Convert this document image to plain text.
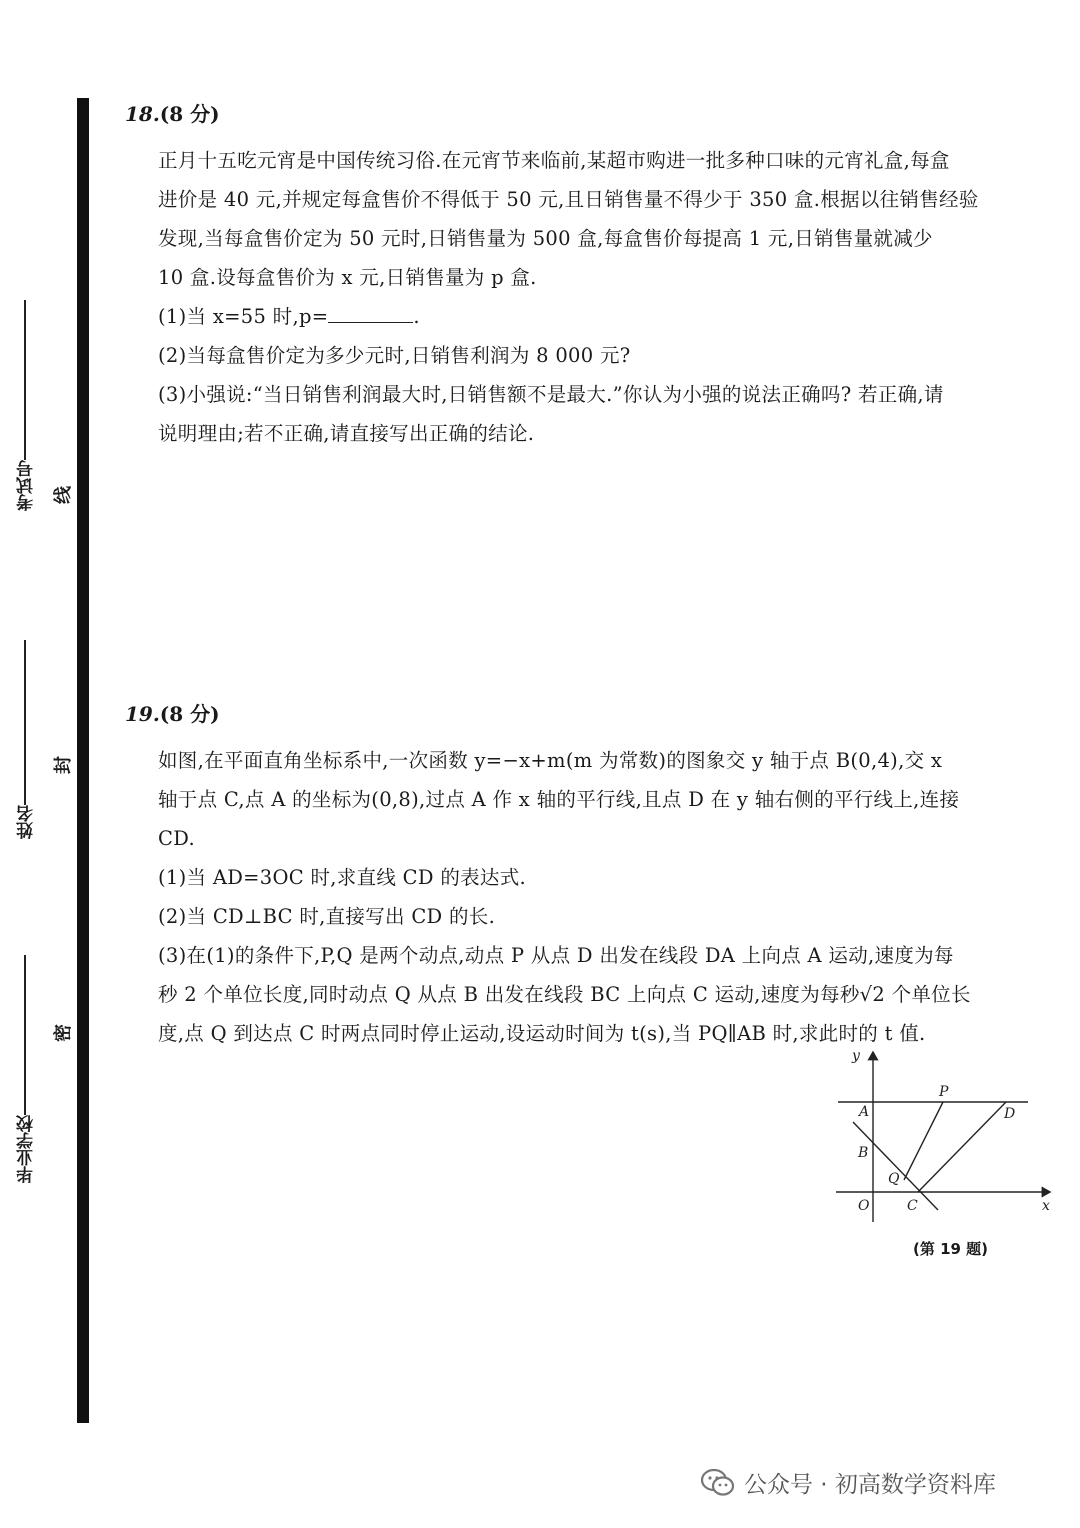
考试号
姓名
毕业学校
线
封
密
18.(8 分)
正月十五吃元宵是中国传统习俗.在元宵节来临前,某超市购进一批多种口味的元宵礼盒,每盒
进价是 40 元,并规定每盒售价不得低于 50 元,且日销售量不得少于 350 盒.根据以往销售经验
发现,当每盒售价定为 50 元时,日销售量为 500 盒,每盒售价每提高 1 元,日销售量就减少
10 盒.设每盒售价为 x 元,日销售量为 p 盒.
(1)当 x=55 时,p=	.
(2)当每盒售价定为多少元时,日销售利润为 8 000 元?
(3)小强说:“当日销售利润最大时,日销售额不是最大.”你认为小强的说法正确吗? 若正确,请
说明理由;若不正确,请直接写出正确的结论.
19.(8 分)
如图,在平面直角坐标系中,一次函数 y=−x+m(m 为常数)的图象交 y 轴于点 B(0,4),交 x
轴于点 C,点 A 的坐标为(0,8),过点 A 作 x 轴的平行线,且点 D 在 y 轴右侧的平行线上,连接
CD.
(1)当 AD=3OC 时,求直线 CD 的表达式.
(2)当 CD⊥BC 时,直接写出 CD 的长.
(3)在(1)的条件下,P,Q 是两个动点,动点 P 从点 D 出发在线段 DA 上向点 A 运动,速度为每
秒 2 个单位长度,同时动点 Q 从点 B 出发在线段 BC 上向点 C 运动,速度为每秒√2 个单位长
度,点 Q 到达点 C 时两点同时停止运动,设运动时间为 t(s),当 PQ∥AB 时,求此时的 t 值.
y
x
O
A
B
C
D
P
Q
(第 19 题)
公众号 · 初高数学资料库
